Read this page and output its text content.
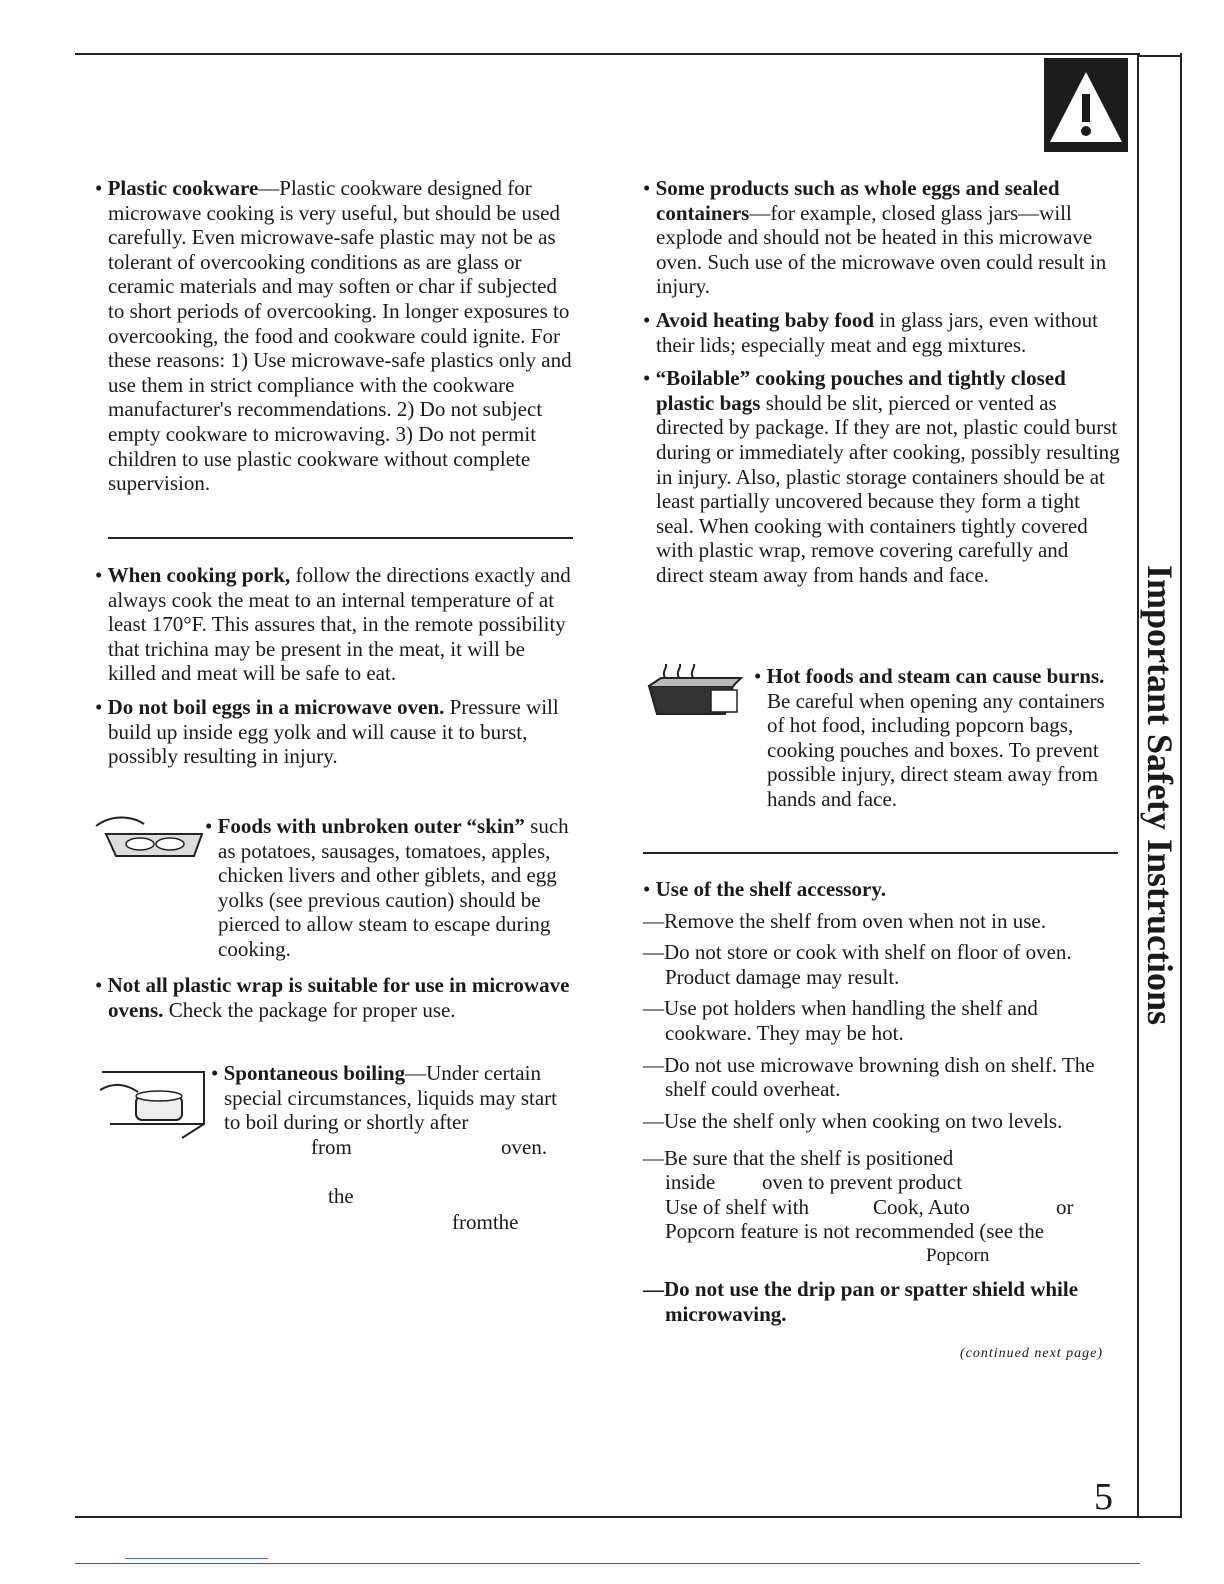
Important Safety Instructions

• Plastic cookware—Plastic cookware designed for microwave cooking is very useful, but should be used carefully. Even microwave-safe plastic may not be as tolerant of overcooking conditions as are glass or ceramic materials and may soften or char if subjected to short periods of overcooking. In longer exposures to overcooking, the food and cookware could ignite. For these reasons: 1) Use microwave-safe plastics only and use them in strict compliance with the cookware manufacturer's recommendations. 2) Do not subject empty cookware to microwaving. 3) Do not permit children to use plastic cookware without complete supervision.

• When cooking pork, follow the directions exactly and always cook the meat to an internal temperature of at least 170°F. This assures that, in the remote possibility that trichina may be present in the meat, it will be killed and meat will be safe to eat.

• Do not boil eggs in a microwave oven. Pressure will build up inside egg yolk and will cause it to burst, possibly resulting in injury.

• Foods with unbroken outer “skin” such as potatoes, sausages, tomatoes, apples, chicken livers and other giblets, and egg yolks (see previous caution) should be pierced to allow steam to escape during cooking.

• Not all plastic wrap is suitable for use in microwave ovens. Check the package for proper use.

• Spontaneous boiling—Under certain special circumstances, liquids may start to boil during or shortly after

from	oven.
the
fromthe

• Some products such as whole eggs and sealed containers—for example, closed glass jars—will explode and should not be heated in this microwave oven. Such use of the microwave oven could result in injury.

• Avoid heating baby food in glass jars, even without their lids; especially meat and egg mixtures.

• “Boilable” cooking pouches and tightly closed plastic bags should be slit, pierced or vented as directed by package. If they are not, plastic could burst during or immediately after cooking, possibly resulting in injury. Also, plastic storage containers should be at least partially uncovered because they form a tight seal. When cooking with containers tightly covered with plastic wrap, remove covering carefully and direct steam away from hands and face.

• Hot foods and steam can cause burns. Be careful when opening any containers of hot food, including popcorn bags, cooking pouches and boxes. To prevent possible injury, direct steam away from hands and face.

• Use of the shelf accessory.

— Remove the shelf from oven when not in use.

— Do not store or cook with shelf on floor of oven. Product damage may result.

— Use pot holders when handling the shelf and cookware. They may be hot.

— Do not use microwave browning dish on shelf. The shelf could overheat.

— Use the shelf only when cooking on two levels.

—Be sure that the shelf is positioned
inside oven to prevent product
Use of shelf with	Cook, Auto	or
Popcorn feature is not recommended (see the
Popcorn

— Do not use the drip pan or spatter shield while microwaving.

(continued next page)
5
